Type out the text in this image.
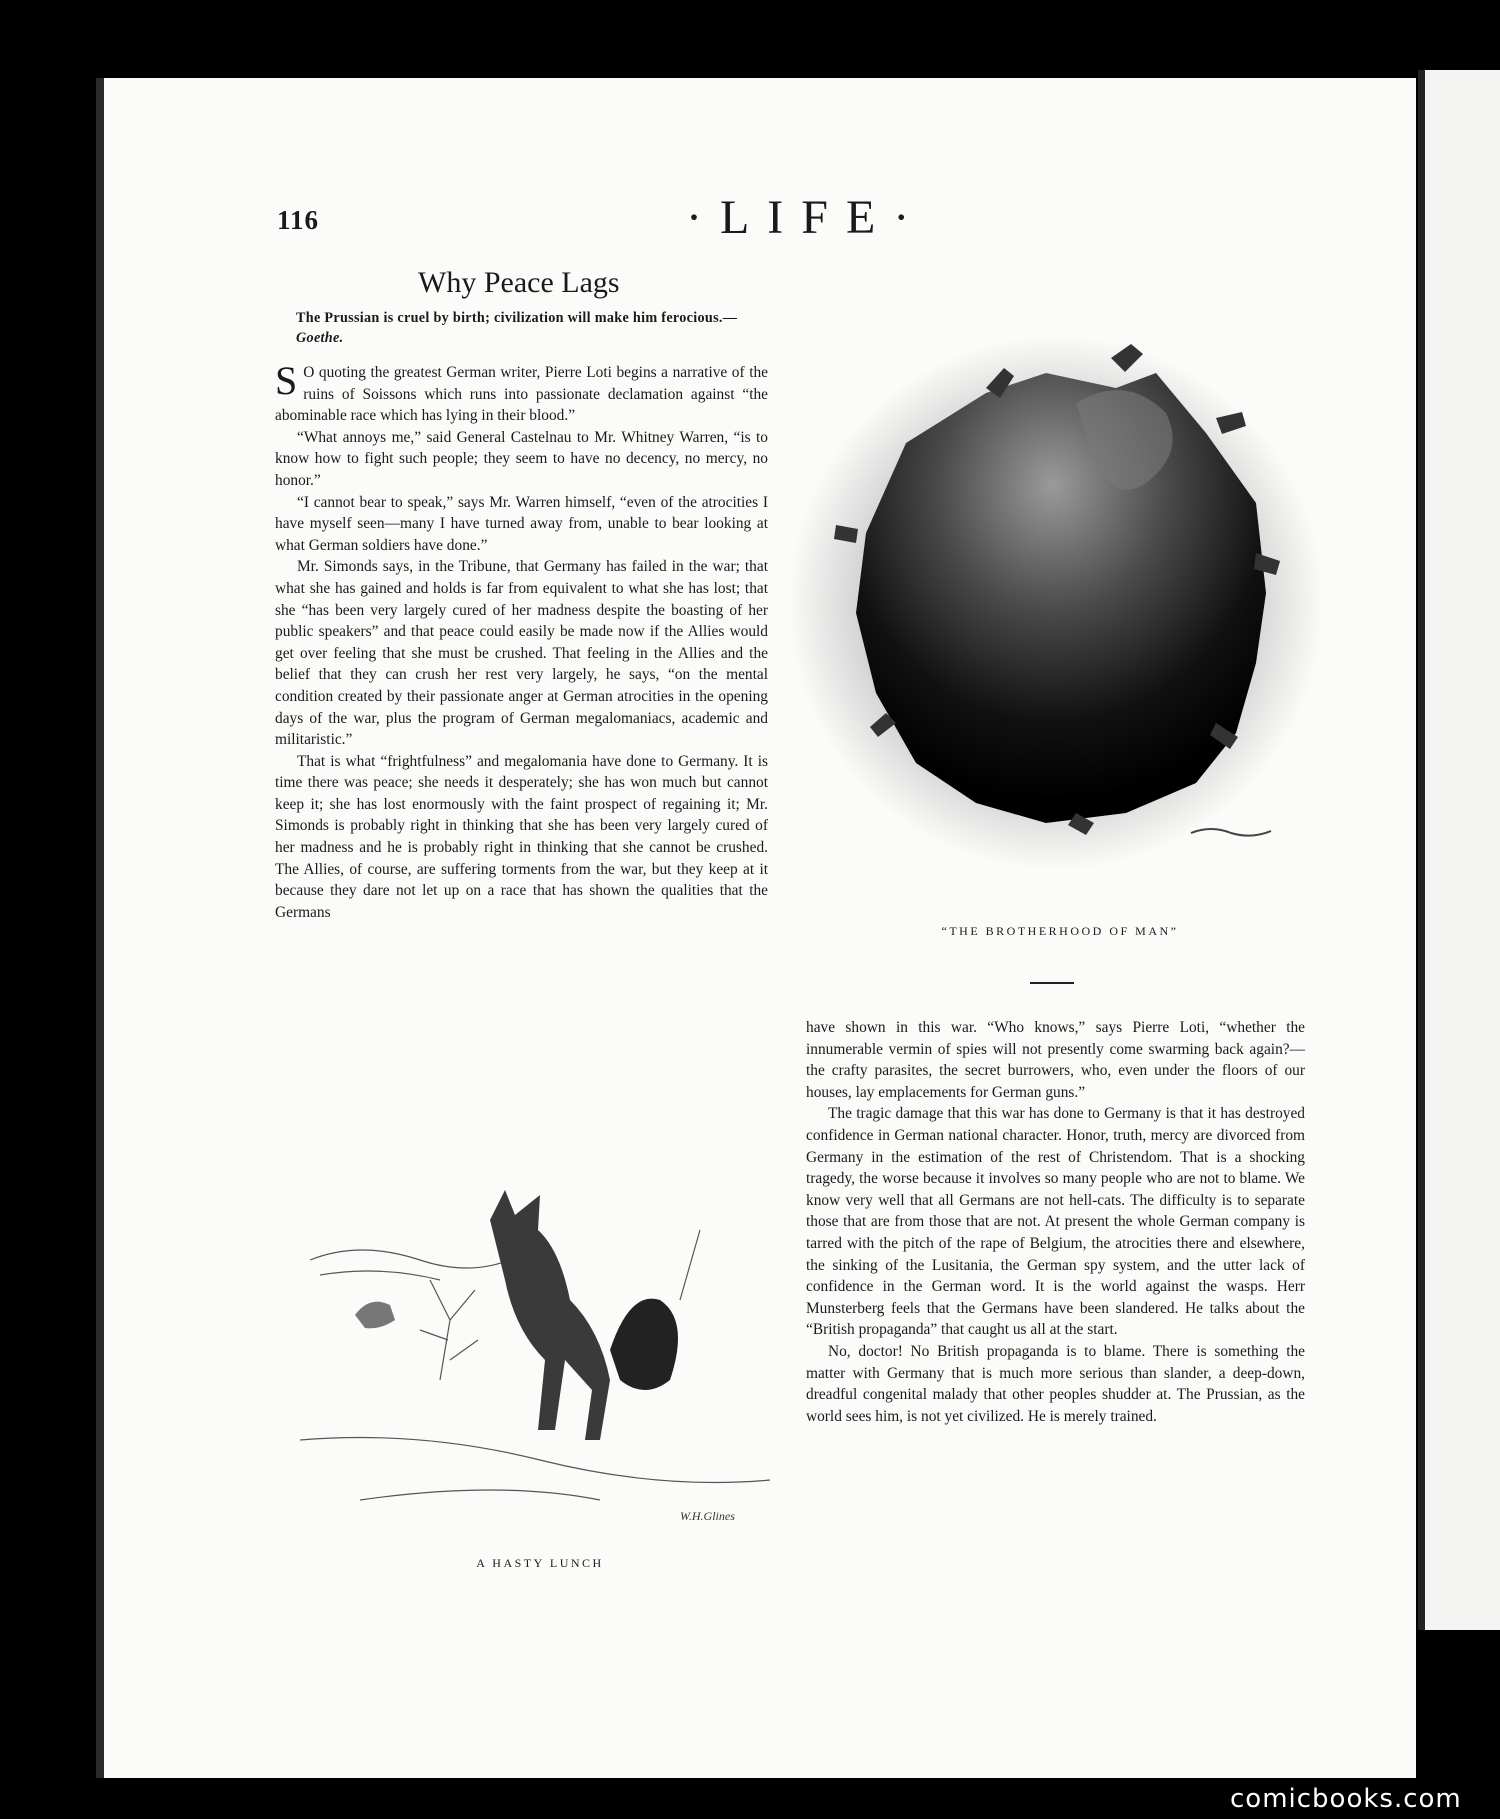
116	·LIFE·
Why Peace Lags
The Prussian is cruel by birth; civilization will make him ferocious.—Goethe.

S O quoting the greatest German writer, Pierre Loti begins a narrative of the ruins of Soissons which runs into passionate declamation against “the abominable race which has lying in their blood.”

“What annoys me,” said General Castelnau to Mr. Whitney Warren, “is to know how to fight such people; they seem to have no decency, no mercy, no honor.”

“I cannot bear to speak,” says Mr. Warren himself, “even of the atrocities I have myself seen—many I have turned away from, unable to bear looking at what German soldiers have done.”

Mr. Simonds says, in the Tribune, that Germany has failed in the war; that what she has gained and holds is far from equivalent to what she has lost; that she “has been very largely cured of her madness despite the boasting of her public speakers” and that peace could easily be made now if the Allies would get over feeling that she must be crushed. That feeling in the Allies and the belief that they can crush her rest very largely, he says, “on the mental condition created by their passionate anger at German atrocities in the opening days of the war, plus the program of German megalomaniacs, academic and militaristic.”

That is what “frightfulness” and megalomania have done to Germany. It is time there was peace; she needs it desperately; she has won much but cannot keep it; she has lost enormously with the faint prospect of regaining it; Mr. Simonds is probably right in thinking that she has been very largely cured of her madness and he is probably right in thinking that she cannot be crushed. The Allies, of course, are suffering torments from the war, but they keep at it because they dare not let up on a race that has shown the qualities that the Germans

“THE BROTHERHOOD OF MAN”

have shown in this war. “Who knows,” says Pierre Loti, “whether the innumerable vermin of spies will not presently come swarming back again?—the crafty parasites, the secret burrowers, who, even under the floors of our houses, lay emplacements for German guns.”

The tragic damage that this war has done to Germany is that it has destroyed confidence in German national character. Honor, truth, mercy are divorced from Germany in the estimation of the rest of Christendom. That is a shocking tragedy, the worse because it involves so many people who are not to blame. We know very well that all Germans are not hell-cats. The difficulty is to separate those that are from those that are not. At present the whole German company is tarred with the pitch of the rape of Belgium, the atrocities there and elsewhere, the sinking of the Lusitania, the German spy system, and the utter lack of confidence in the German word. It is the world against the wasps. Herr Munsterberg feels that the Germans have been slandered. He talks about the “British propaganda” that caught us all at the start.

No, doctor! No British propaganda is to blame. There is something the matter with Germany that is much more serious than slander, a deep-down, dreadful congenital malady that other peoples shudder at. The Prussian, as the world sees him, is not yet civilized. He is merely trained.

W.H.Glines
A HASTY LUNCH
comicbooks.com
